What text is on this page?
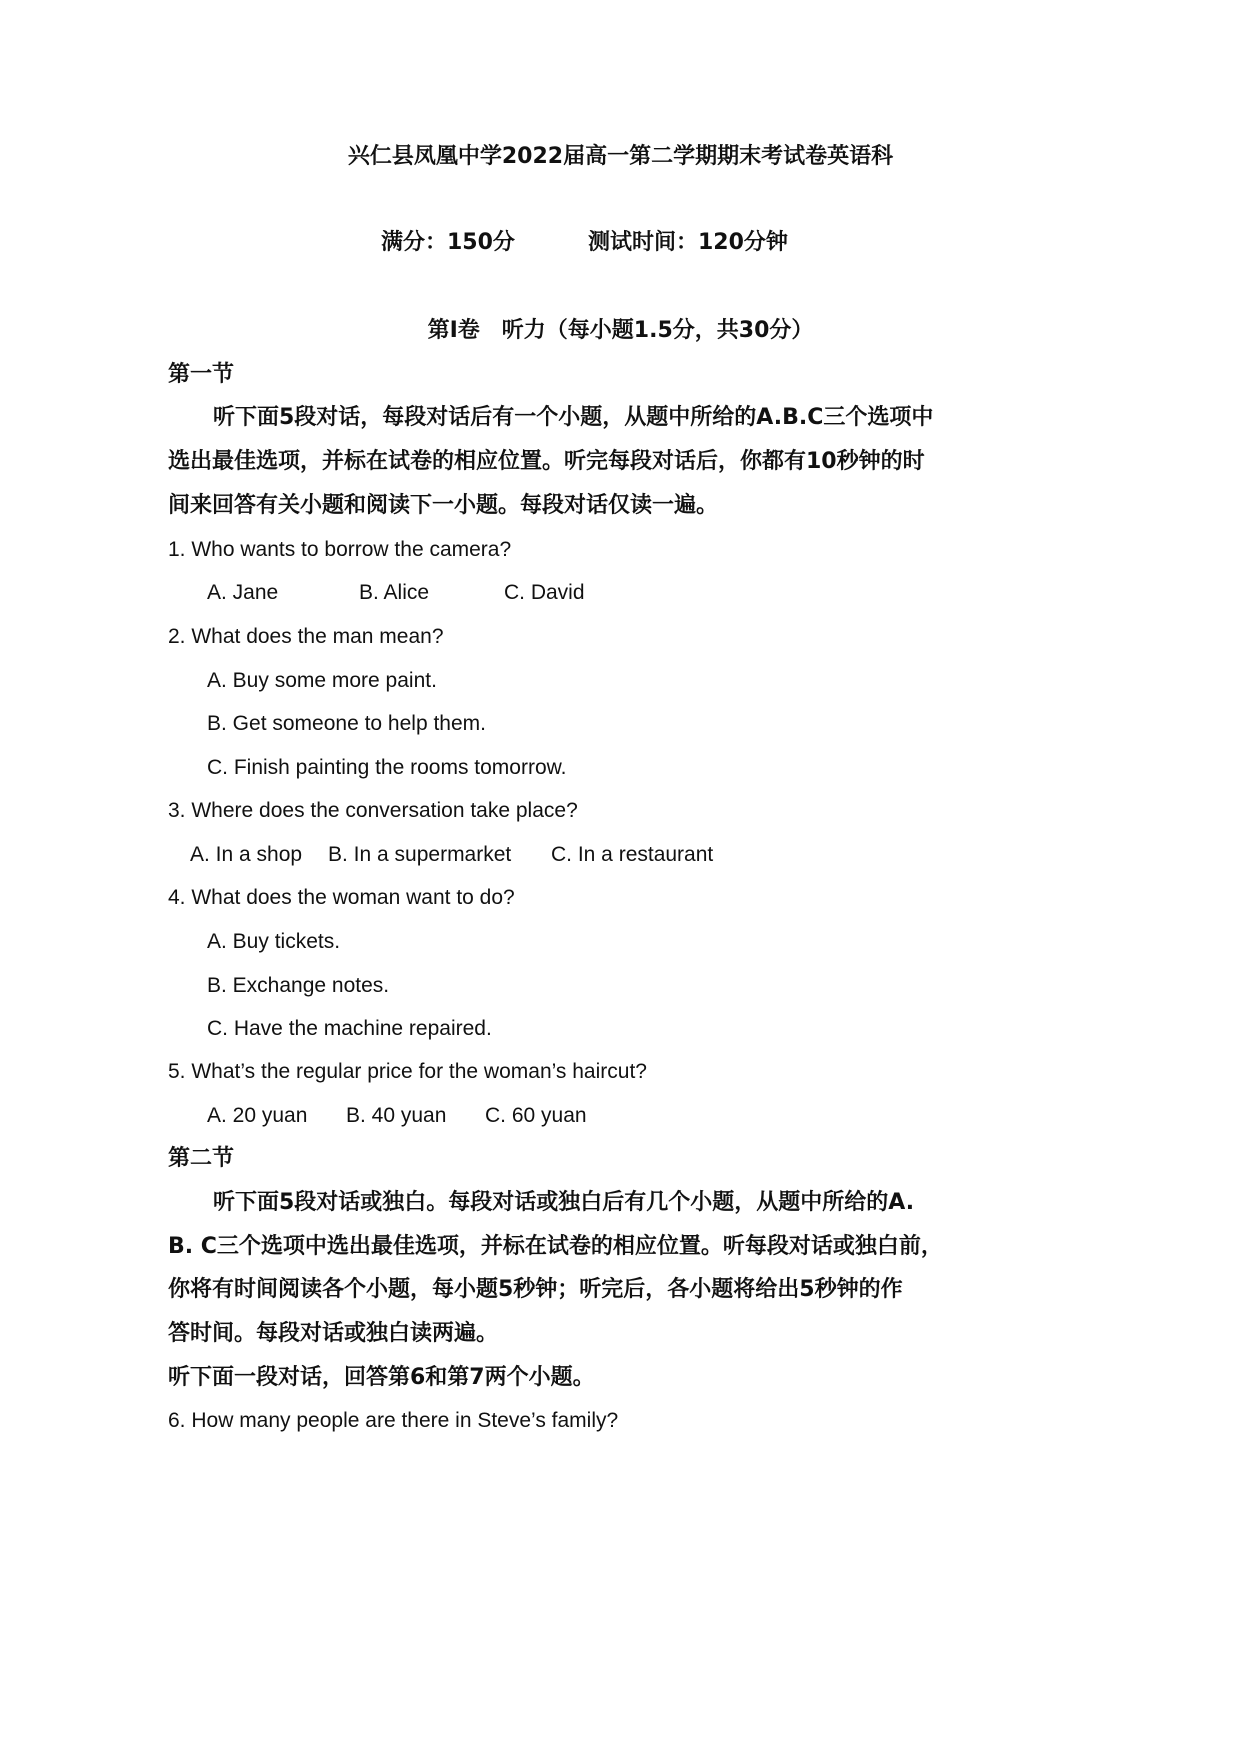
兴仁县凤凰中学2022届高一第二学期期末考试卷英语科
满分：150分	测试时间：120分钟
第Ⅰ卷　听力（每小题1.5分，共30分）
第一节
听下面5段对话，每段对话后有一个小题，从题中所给的A.B.C三个选项中
选出最佳选项，并标在试卷的相应位置。听完每段对话后，你都有10秒钟的时
间来回答有关小题和阅读下一小题。每段对话仅读一遍。
1. Who wants to borrow the camera?
A. Jane	B. Alice	C. David
2. What does the man mean?
A. Buy some more paint.
B. Get someone to help them.
C. Finish painting the rooms tomorrow.
3. Where does the conversation take place?
A. In a shop B. In a supermarket C. In a restaurant
4. What does the woman want to do?
A. Buy tickets.
B. Exchange notes.
C. Have the machine repaired.
5. What’s the regular price for the woman’s haircut?
A. 20 yuan B. 40 yuan C. 60 yuan
第二节
听下面5段对话或独白。每段对话或独白后有几个小题，从题中所给的A.
B. C三个选项中选出最佳选项，并标在试卷的相应位置。听每段对话或独白前，
你将有时间阅读各个小题，每小题5秒钟；听完后，各小题将给出5秒钟的作
答时间。每段对话或独白读两遍。
听下面一段对话，回答第6和第7两个小题。
6. How many people are there in Steve’s family?
